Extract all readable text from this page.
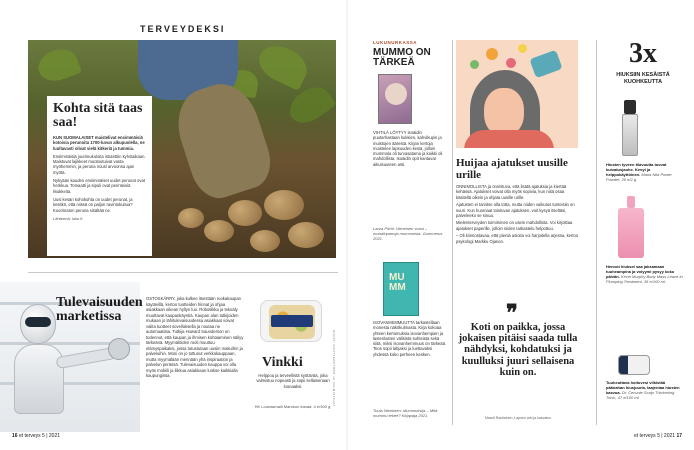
TERVEYDEKSI
Kohta sitä taas saa!

KUN SUOMALAISET maistelivat ensimmäisiä kotoisia perunoita 1700-luvun alkupuolella, ne luultavasti olivat vielä kitkeriä ja tummia.

Ensimmäisiä juurimukuloita istutettiin kylvöaikaan. Maistuvat lajikkeet muotoutuivat vasta myöhemmin, ja peruna nousi arvoonsa ajan myötä.

Nykyään kauden ensimmäiset uudet perunat ovat herkkua. Tomaatti ja sipuli ovat perinteisiä lisukkeita.

Uusi kesän kohokohta on uudet perunat, ja tiesitkö, että niissä on paljon ravintokuitua? Kuorimaton peruna sisältää ne.

Lähteenä: luke.fi

Tulevaisuuden marketissa
OSTOSKÄRRY, joka kulkee itsestään ruokakaupan käytävillä, kertoo tuotteiden hinnat ja ohjaa asiakkaan oikean hyllyn luo. Robotiikka ja tekoäly muuttavat kaupankäyntiä. Kaupan alan tutkijoiden mukaan jo lähitulevaisuudessa asiakkaat voivat valita tuotteet sovelluksella ja noutaa ne automaatista. Tutkija Howard Saunderson on todennut, että kaupan ja ihmisen kohtaaminen säilyy tärkeänä. Myymälöiden rooli muuttuu elämyspaikaksi, jossa tutustutaan uusiin makuihin ja palveluihin. Moni on jo tottunut verkkokauppaan, mutta myymälään mennään yhä inspiraation ja palvelun perässä. Tulevaisuuden kauppa voi olla myös mobiili ja liikkua asiakkaan luokse kaikkialla kaupungissa.
Vinkki
Helppoa ja terveellistä syötävää, joka valmistuu nopeasti ja sopii sellaisenaan lounaaksi.
HK Lounasmaili Marokon kanaa, 4 e/300 g. KUVAT: SHUTTERSTOCK JA VALMISTAJAT
16 et terveys 5 | 2021
LUKUNURKASSA
MUMMO ON TÄRKEÄ
VIHTILÄ LÖYTYY isoäidin puutarhastaan kukkien, kahvikupin ja muistojen äärestä. Kirjan kertoja muistelee lapsuuden kesiä, jolloin mummola oli turvasatama ja kaikki oli mahdollista. Isoäidin opit kantavat aikuisuuteen asti.
Laura Pöröi: Viimeinen vuosi – muistiinpanoja mummoista. Gummerus 2021.
MU MM
ISOVANHEMMUUTTA tarkastellaan monesta näkökulmasta. Kirja kokoaa yhteen kertomuksia isovanhempien ja lastenlasten välisistä suhteista sekä siitä, miksi isovanhemmuus on tärkeää. Teos sopii lahjaksi ja luettavaksi yhdessä koko perheen kesken.
Tuula Nieminen: Mummuksija – Mitä mummu tekee? Kirjapaja 2021.
Huijaa ajatukset uusille urille

ONNIMOLLISTA ja onnistuva, että lisätä ajatuksia ja kiertää kehässä. Ajatukset voivat olla myös sopivia, kun niitä osaa käsitellä oikein ja ohjata uusille urille.

Ajatusten ei tarvitse olla totta, mutta niiden vaikutus tunteisiin on suuri. Kun huomaat toistuvan ajatuksen, voit kysyä itseltäsi, palveleeko se sinua.

Mielenterveyden toimiminen on usein mahdollista. Voi kirjoittaa ajatukset paperille, jolloin niiden tarkastelu helpottuu.

– Oli kiinnostavaa, että pieniä asioita voi harjoitella arjessa, kertoo psykologi Markku Ojanen.

❞
Koti on paikka, jossa jokaisen pitäisi saada tulla nähdyksi, kohdatuksi ja kuulluksi juuri sellaisena kuin on.
Maarit Rautiainen, Lapsen arki ja kasvatus
3x
HIUKSIIN KESÄISTÄ KUOHKEUTTA
Hiusten tyveen tilavuutta tuovat kuivatusjauhe. Kevyt ja helppokäyttöinen. Maria Nila Power Powder, 20 e/2 g.
Hennot hiukset saa jaksamaan tuuheampina ja volyymi pysyy koko päivän. Kevin Murphy Body Mass Leave-in Plumping Treatment, 36 e/100 ml.
Tuuheuttava hoitovesi vilkistää päänahan hiusjuuria, laajentaa hiusten kasvua. Dr. Cecuole Scalp Thickening Tonic, 47 e/100 ml.
et terveys 5 | 2021 17
